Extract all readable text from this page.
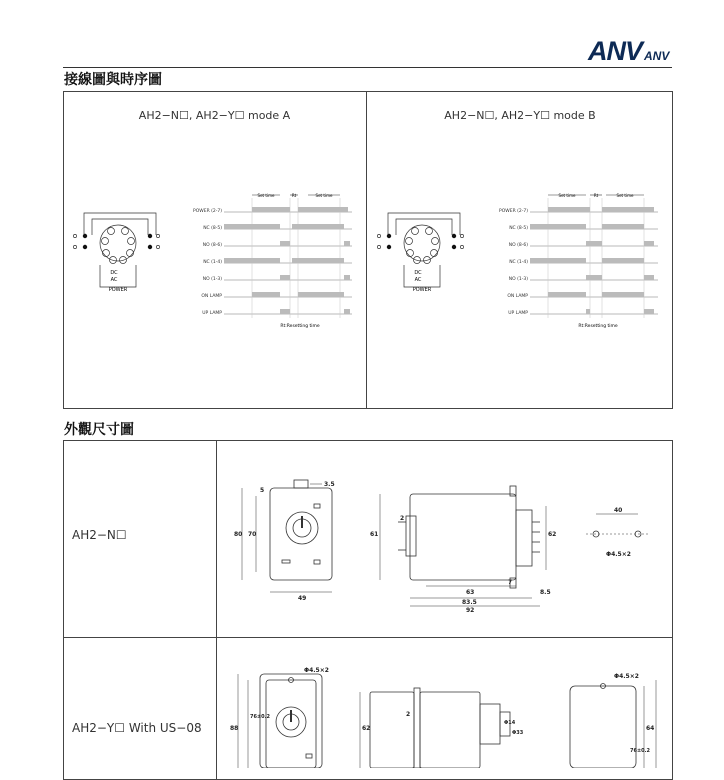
ANV ANV
接線圖與時序圖
AH2−N☐, AH2−Y☐ mode A	AH2−N☐, AH2−Y☐ mode B
DC
AC
POWER
Set time	Rt	Set time
POWER (2-7)
NC (8-5)
NO (8-6)
NC (1-4)
NO (1-3)
ON LAMP
UP LAMP
Rt:Resetting time
DC
AC
POWER
Set time	Rt	Set time
POWER (2-7)
NC (8-5)
NO (8-6)
NC (1-4)
NO (1-3)
ON LAMP
UP LAMP
Rt:Resetting time
外觀尺寸圖
AH2−N☐
AH2−Y☐ With US−08
3.5
5
80 70
49
61
2
62
7
63
83.5
92
8.5
40
Φ4.5×2
Φ4.5×2
88
76±0.2
62
2
Φ14
Φ33
Φ4.5×2
64
76±0.2
